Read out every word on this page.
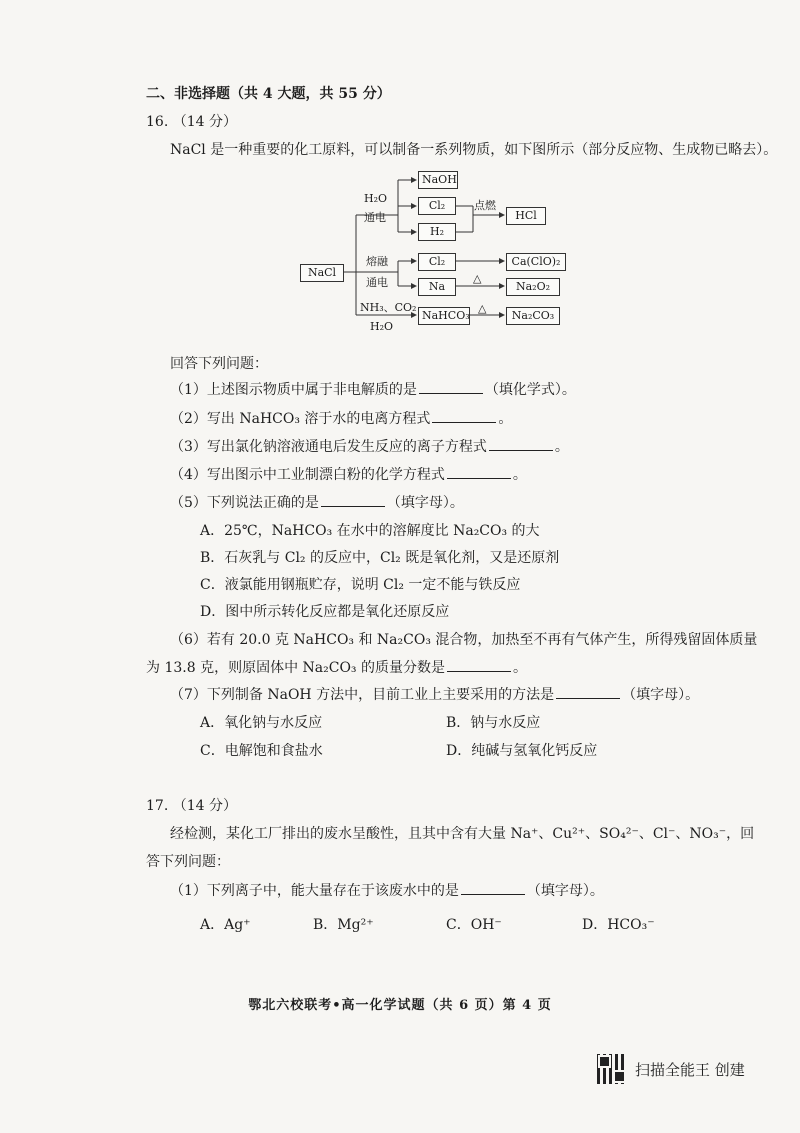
二、非选择题（共 4 大题，共 55 分）
16. （14 分）
NaCl 是一种重要的化工原料，可以制备一系列物质，如下图所示（部分反应物、生成物已略去）。
NaCl
H₂O
通电
NaOH
Cl₂
H₂
点燃
HCl
熔融
通电
Cl₂
Na
△
Ca(ClO)₂
Na₂O₂
NH₃、CO₂
H₂O
NaHCO₃
△
Na₂CO₃
回答下列问题：
（1）上述图示物质中属于非电解质的是	（填化学式）。
（2）写出 NaHCO₃ 溶于水的电离方程式	。
（3）写出氯化钠溶液通电后发生反应的离子方程式	。
（4）写出图示中工业制漂白粉的化学方程式	。
（5）下列说法正确的是	（填字母）。
A．25℃，NaHCO₃ 在水中的溶解度比 Na₂CO₃ 的大
B．石灰乳与 Cl₂ 的反应中，Cl₂ 既是氧化剂，又是还原剂
C．液氯能用钢瓶贮存，说明 Cl₂ 一定不能与铁反应
D．图中所示转化反应都是氧化还原反应
（6）若有 20.0 克 NaHCO₃ 和 Na₂CO₃ 混合物，加热至不再有气体产生，所得残留固体质量
为 13.8 克，则原固体中 Na₂CO₃ 的质量分数是	。
（7）下列制备 NaOH 方法中，目前工业上主要采用的方法是	（填字母）。
A．氧化钠与水反应	B．钠与水反应
C．电解饱和食盐水	D．纯碱与氢氧化钙反应
17. （14 分）
经检测，某化工厂排出的废水呈酸性，且其中含有大量 Na⁺、Cu²⁺、SO₄²⁻、Cl⁻、NO₃⁻，回
答下列问题：
（1）下列离子中，能大量存在于该废水中的是	（填字母）。
A．Ag⁺	B．Mg²⁺	C．OH⁻	D．HCO₃⁻
鄂北六校联考•高一化学试题（共 6 页）第 4 页
扫描全能王 创建
